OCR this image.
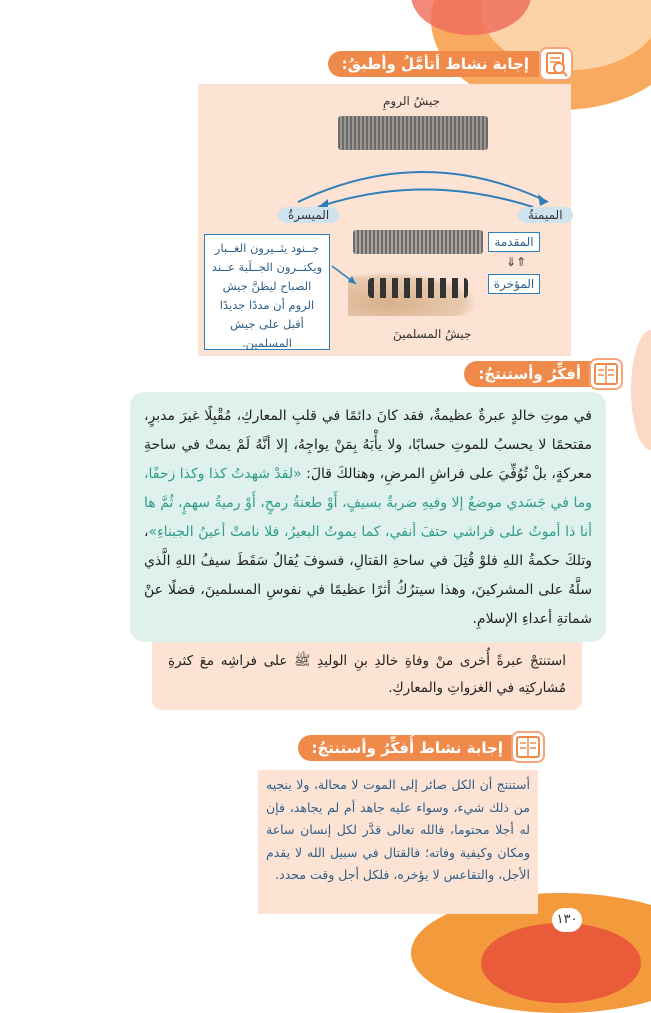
إجابة نشاط أتأمَّلُ وأطبقُ:
جيشُ الرومِ
الميسرةُ	الميمنةُ
المقدمة
⇑⇓
المؤخرة
جيشُ المسلمينَ
جــنود يثــيرون الغــبار ويكتــرون الجــلَبة عــند الصباح ليظنَّ جيش الروم أن مددًا جديدًا أقبل على جيش المسلمين.
أفكِّرُ وأستنتجُ:
في موتِ خالدٍ عبرةٌ عظيمةٌ، فقد كانَ دائمًا في قلبِ المعاركِ، مُقْبِلًا غيرَ مدبرٍ، مقتحمًا لا يحسبُ للموتِ حسابًا، ولا يأْبَهُ بِمَنْ يواجِهُ، إلا أنَّهُ لَمْ يمتْ في ساحةِ معركةٍ، بلْ تُوُفِّيَ على فراشِ المرضِ، وهنالكَ قالَ: «لقدْ شهدتُ كذا وكذا زحفًا، وما في جَسَدي موضعٌ إلا وفيهِ ضربةٌ بسيفٍ، أَوْ طعنةُ رمحٍ، أَوْ رميةُ سهمٍ، ثُمَّ ها أنا ذا أموتُ على فراشي حتفَ أنفي، كما يموتُ البعيرُ، فلا نامتْ أعينُ الجبناءِ»، وتلكَ حكمةُ اللهِ فلوْ قُتِلَ في ساحةِ القتالِ، فسوفَ يُقالُ سَقَطَ سيفُ اللهِ الَّذي سلَّهُ على المشركينَ، وهذا سيترُكُ أثرًا عظيمًا في نفوسِ المسلمينَ، فضلًا عنْ شماتةِ أعداءِ الإسلامِ.
استنتجْ عبرةً أُخرى منْ وفاةِ خالدِ بنِ الوليدِ ﷺ على فراشِه معَ كثرةِ مُشاركتِه في الغزواتِ والمعاركِ.
إجابة نشاط أُفكِّرُ وأستنتجُ:
أستنتج أن الكل صائر إلى الموت لا محالة، ولا ينجيه من ذلك شيء، وسواء عليه جاهد أم لم يجاهد، فإن له أجلا محتوما، فالله تعالى قدَّر لكل إنسان ساعة ومكان وكيفية وفاته؛ فالقتال في سبيل الله لا يقدم الأجل، والتقاعس لا يؤخره، فلكل أجل وقت محدد.
١٣٠
